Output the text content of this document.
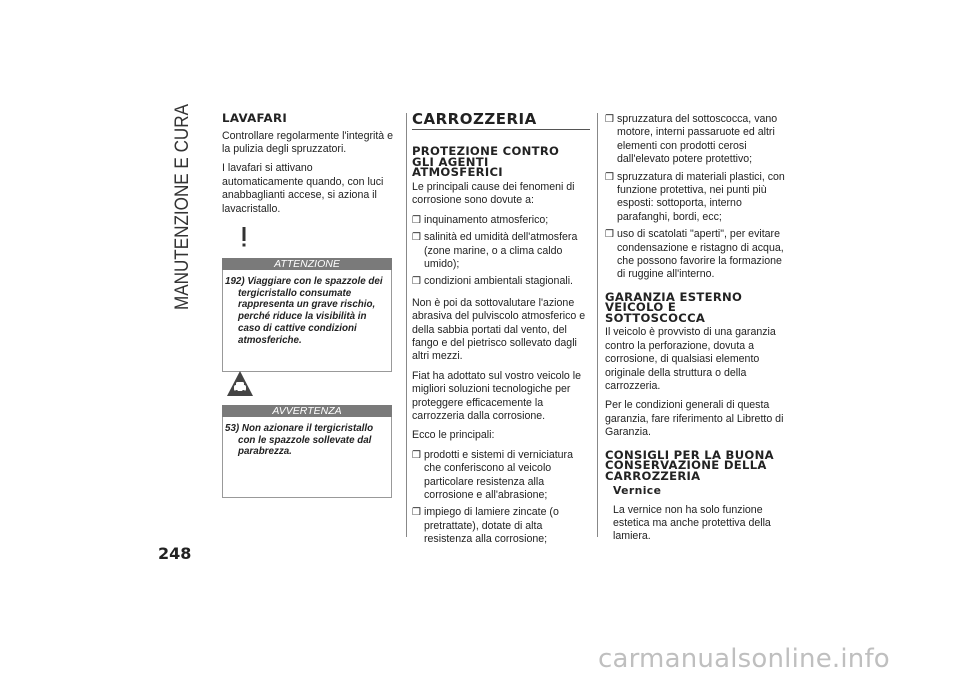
MANUTENZIONE E CURA LAVAFARI

Controllare regolarmente l'integrità e la pulizia degli spruzzatori.

I lavafari si attivano automaticamente quando, con luci anabbaglianti accese, si aziona il lavacristallo.

ATTENZIONE
192) Viaggiare con le spazzole dei tergicristallo consumate rappresenta un grave rischio, perché riduce la visibilità in caso di cattive condizioni atmosferiche.
AVVERTENZA
53) Non azionare il tergicristallo con le spazzole sollevate dal parabrezza.
CARROZZERIA
PROTEZIONE CONTRO GLI AGENTI ATMOSFERICI

Le principali cause dei fenomeni di corrosione sono dovute a:

❒ inquinamento atmosferico;
❒ salinità ed umidità dell'atmosfera (zone marine, o a clima caldo umido);
❒ condizioni ambientali stagionali.

Non è poi da sottovalutare l'azione abrasiva del pulviscolo atmosferico e della sabbia portati dal vento, del fango e del pietrisco sollevato dagli altri mezzi.

Fiat ha adottato sul vostro veicolo le migliori soluzioni tecnologiche per proteggere efficacemente la carrozzeria dalla corrosione.

Ecco le principali:

❒ prodotti e sistemi di verniciatura che conferiscono al veicolo particolare resistenza alla corrosione e all'abrasione;
❒ impiego di lamiere zincate (o pretrattate), dotate di alta resistenza alla corrosione;
❒ spruzzatura del sottoscocca, vano motore, interni passaruote ed altri elementi con prodotti cerosi dall'elevato potere protettivo;
❒ spruzzatura di materiali plastici, con funzione protettiva, nei punti più esposti: sottoporta, interno parafanghi, bordi, ecc;
❒ uso di scatolati "aperti", per evitare condensazione e ristagno di acqua, che possono favorire la formazione di ruggine all'interno.
GARANZIA ESTERNO VEICOLO E SOTTOSCOCCA

Il veicolo è provvisto di una garanzia contro la perforazione, dovuta a corrosione, di qualsiasi elemento originale della struttura o della carrozzeria.

Per le condizioni generali di questa garanzia, fare riferimento al Libretto di Garanzia.

CONSIGLI PER LA BUONA CONSERVAZIONE DELLA CARROZZERIA
Vernice

La vernice non ha solo funzione estetica ma anche protettiva della lamiera.

248
carmanualsonline.info
